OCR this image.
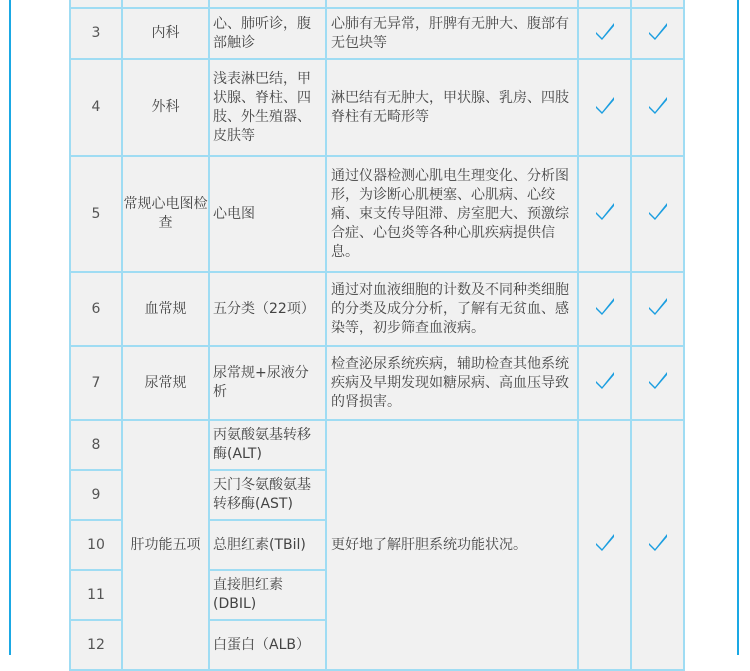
3	内科	心、肺听诊，腹部触诊	心肺有无异常，肝脾有无肿大、腹部有无包块等		
4	外科	浅表淋巴结，甲状腺、脊柱、四肢、外生殖器、皮肤等	淋巴结有无肿大，甲状腺、乳房、四肢脊柱有无畸形等		
5	常规心电图检查	心电图	通过仪器检测心肌电生理变化、分析图形，为诊断心肌梗塞、心肌病、心绞痛、束支传导阻滞、房室肥大、预激综合症、心包炎等各种心肌疾病提供信息。		
6	血常规	五分类（22项）	通过对血液细胞的计数及不同种类细胞的分类及成分分析，了解有无贫血、感染等，初步筛查血液病。		
7	尿常规	尿常规+尿液分析	检查泌尿系统疾病，辅助检查其他系统疾病及早期发现如糖尿病、高血压导致的肾损害。		
8	肝功能五项	丙氨酸氨基转移酶(ALT)	更好地了解肝胆系统功能状况。		
9		天门冬氨酸氨基转移酶(AST)			
10		总胆红素(TBil)			
11		直接胆红素(DBIL)			
12		白蛋白（ALB）			
